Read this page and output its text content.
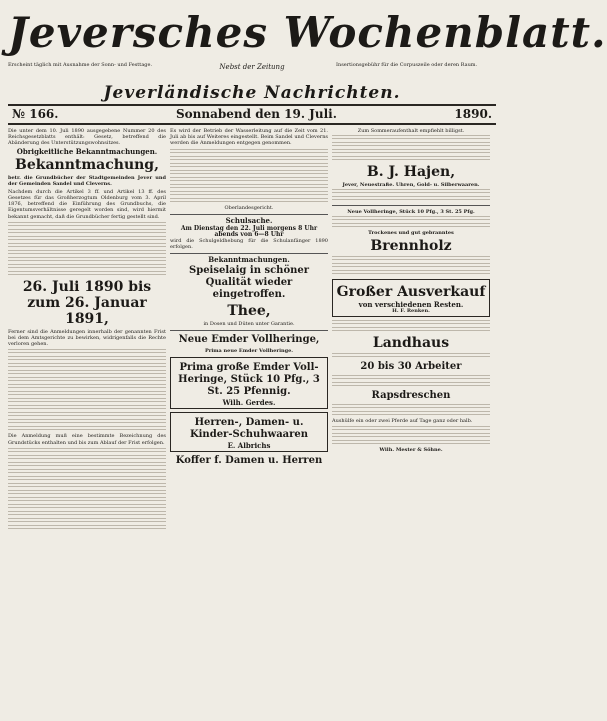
Jeversches Wochenblatt.
Erscheint täglich mit Ausnahme der Sonn- und Festtage.	Nebst der Zeitung	Insertionsgebühr für die Corpuszeile oder deren Raum.
Jeverländische Nachrichten.
№ 166.	Sonnabend den 19. Juli.	1890.

Die unter dem 10. Juli 1890 ausgegebene Nummer 20 des Reichsgesetzblatts enthält: Gesetz, betreffend die Abänderung des Unterstützungswohnsitzes.

Obrigkeitliche Bekanntmachungen.
Bekanntmachung,

betr. die Grundbücher der Stadtgemeinden Jever und der Gemeinden Sandel und Cleverns.

Nachdem durch die Artikel 3 ff. und Artikel 13 ff. des Gesetzes für das Großherzogtum Oldenburg vom 3. April 1876, betreffend die Einführung des Grundbuchs, die Eigentumsverhältnisse geregelt worden sind, wird hiermit bekannt gemacht, daß die Grundbücher fertig gestellt sind.

26. Juli 1890 bis zum 26. Januar 1891,

Ferner sind die Anmeldungen innerhalb der genannten Frist bei dem Amtsgerichte zu bewirken, widrigenfalls die Rechte verloren gehen.

Die Anmeldung muß eine bestimmte Bezeichnung des Grundstücks enthalten und bis zum Ablauf der Frist erfolgen.

Es wird der Betrieb der Wasserleitung auf die Zeit vom 21. Juli ab bis auf Weiteres eingestellt. Beim Sandel und Cleverns werden die Anmeldungen entgegen genommen.

Oberlandesgericht.
Schulsache.
Am Dienstag den 22. Juli morgens 8 Uhr abends von 6—8 Uhr

wird die Schulgeldhebung für die Schulanfänger 1890 erfolgen.

Bekanntmachungen.
Speiselaig in schöner Qualität wieder eingetroffen.
Thee,
in Dosen und Düten unter Garantie.
Neue Emder Vollheringe,
Prima neue Emder Vollheringe.
Prima große Emder Voll-Heringe, Stück 10 Pfg., 3 St. 25 Pfennig.
Wilh. Gerdes.
Herren-, Damen- u. Kinder-Schuhwaaren
E. Albrichs
Koffer f. Damen u. Herren
Zum Sommeraufenthalt empfiehlt billigst.
B. J. Hajen,
Jever, Neuestraße. Uhren, Gold- u. Silberwaaren.
Neue Vollheringe, Stück 10 Pfg., 3 St. 25 Pfg.
Trockenes und gut gebranntes
Brennholz
Großer Ausverkauf
von verschiedenen Resten.
H. F. Renken.
Landhaus
20 bis 30 Arbeiter
Rapsdreschen

Aushülfe ein oder zwei Pferde auf Tage ganz oder halb.

Wilh. Mester & Söhne.
